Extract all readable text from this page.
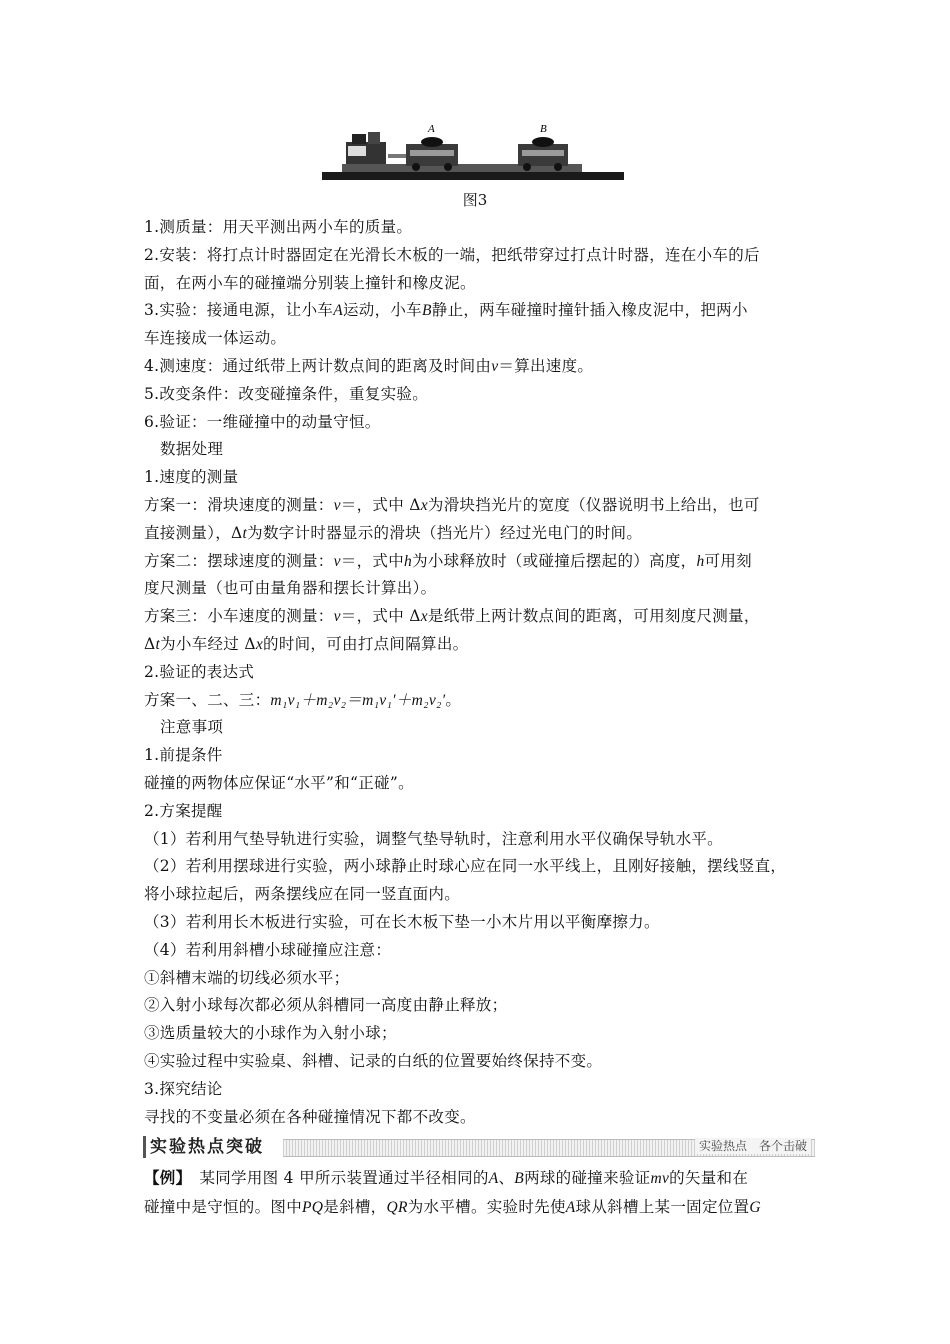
A	B
图3

1.测质量：用天平测出两小车的质量。

2.安装：将打点计时器固定在光滑长木板的一端，把纸带穿过打点计时器，连在小车的后

面，在两小车的碰撞端分别装上撞针和橡皮泥。

3.实验：接通电源，让小车A运动，小车B静止，两车碰撞时撞针插入橡皮泥中，把两小

车连接成一体运动。

4.测速度：通过纸带上两计数点间的距离及时间由v＝算出速度。

5.改变条件：改变碰撞条件，重复实验。

6.验证：一维碰撞中的动量守恒。

数据处理

1.速度的测量

方案一：滑块速度的测量：v＝，式中 Δx为滑块挡光片的宽度（仪器说明书上给出，也可

直接测量），Δt为数字计时器显示的滑块（挡光片）经过光电门的时间。

方案二：摆球速度的测量：v＝，式中h为小球释放时（或碰撞后摆起的）高度，h可用刻

度尺测量（也可由量角器和摆长计算出）。

方案三：小车速度的测量：v＝，式中 Δx是纸带上两计数点间的距离，可用刻度尺测量，

Δt为小车经过 Δx的时间，可由打点间隔算出。

2.验证的表达式

方案一、二、三：m₁v₁＋m₂v₂＝m₁v₁′＋m₂v₂′。

注意事项

1.前提条件

碰撞的两物体应保证“水平”和“正碰”。

2.方案提醒

（1）若利用气垫导轨进行实验，调整气垫导轨时，注意利用水平仪确保导轨水平。

（2）若利用摆球进行实验，两小球静止时球心应在同一水平线上，且刚好接触，摆线竖直，

将小球拉起后，两条摆线应在同一竖直面内。

（3）若利用长木板进行实验，可在长木板下垫一小木片用以平衡摩擦力。

（4）若利用斜槽小球碰撞应注意：

①斜槽末端的切线必须水平；

②入射小球每次都必须从斜槽同一高度由静止释放；

③选质量较大的小球作为入射小球；

④实验过程中实验桌、斜槽、记录的白纸的位置要始终保持不变。

3.探究结论

寻找的不变量必须在各种碰撞情况下都不改变。

实验热点突破	实验热点　各个击破

【例】　某同学用图 4 甲所示装置通过半径相同的A、B两球的碰撞来验证mv的矢量和在

碰撞中是守恒的。图中PQ是斜槽，QR为水平槽。实验时先使A球从斜槽上某一固定位置G
